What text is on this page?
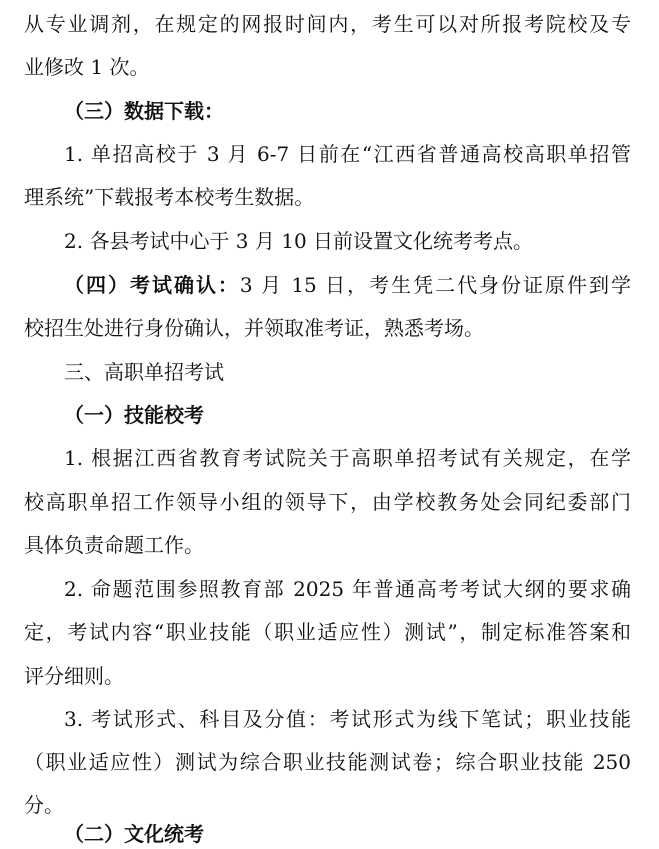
从专业调剂，在规定的网报时间内，考生可以对所报考院校及专
业修改 1 次。
（三）数据下载：
1. 单招高校于 3 月 6-7 日前在“江西省普通高校高职单招管
理系统”下载报考本校考生数据。
2. 各县考试中心于 3 月 10 日前设置文化统考考点。
（四）考试确认：3 月 15 日，考生凭二代身份证原件到学
校招生处进行身份确认，并领取准考证，熟悉考场。
三、高职单招考试
（一）技能校考
1. 根据江西省教育考试院关于高职单招考试有关规定，在学
校高职单招工作领导小组的领导下，由学校教务处会同纪委部门
具体负责命题工作。
2. 命题范围参照教育部 2025 年普通高考考试大纲的要求确
定，考试内容“职业技能（职业适应性）测试”，制定标准答案和
评分细则。
3. 考试形式、科目及分值：考试形式为线下笔试；职业技能
（职业适应性）测试为综合职业技能测试卷；综合职业技能 250
分。
（二）文化统考
